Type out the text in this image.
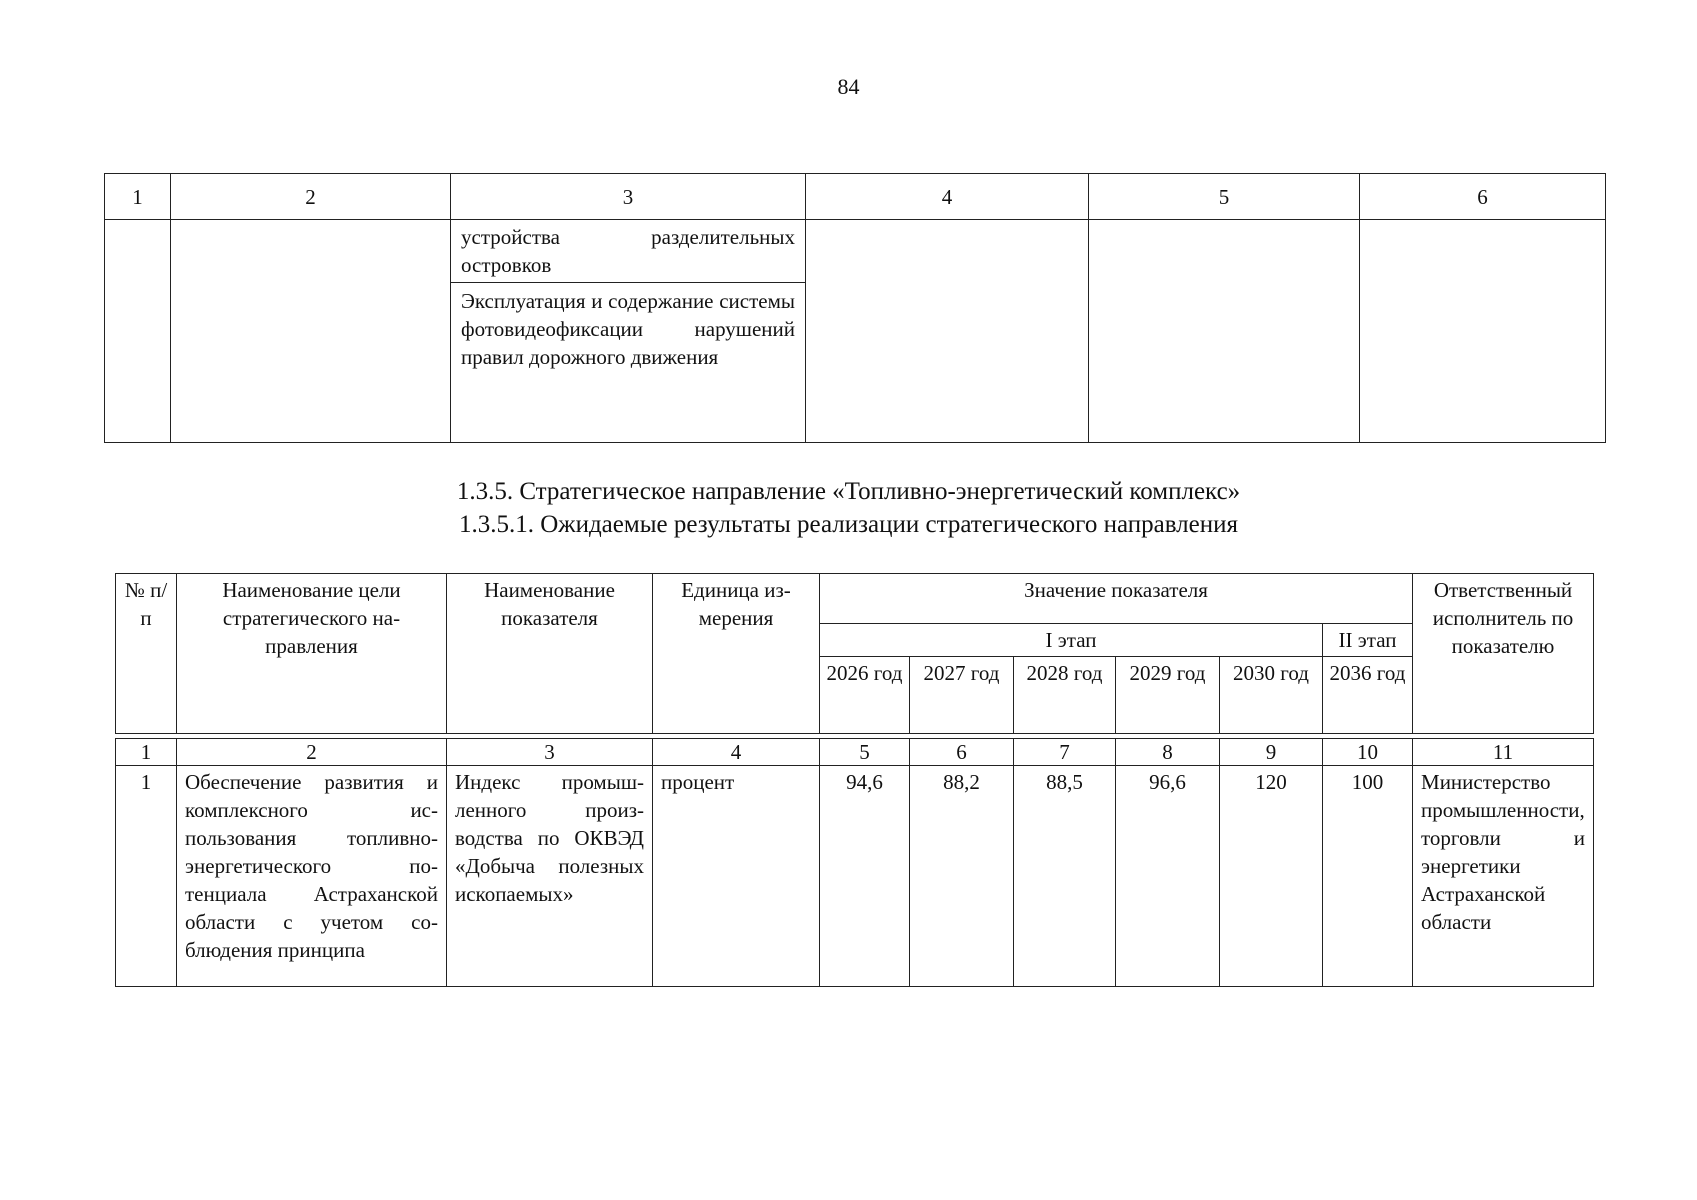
84
1	2	3	4	5	6

		устройства разделительных островков
Эксплуатация и содержание системы фотовидеофиксации нарушений правил дорожного движения			

1.3.5. Стратегическое направление «Топливно-энергетический комплекс»
1.3.5.1. Ожидаемые результаты реализации стратегического направления
№ п/п	Наименование цели стратегического направления	Наименование показателя	Единица измерения	Значение показателя						Ответственный исполнитель по показателю
				I этап					II этап	
				2026 год	2027 год	2028 год	2029 год	2030 год	2036 год	

1	2	3	4	5	6	7	8	9	10	11
1	Обеспечение развития и комплексного использования топливно-энергетического потенциала Астраханской области с учетом соблюдения принципа	Индекс промышленного производства по ОКВЭД «Добыча полезных ископаемых»	процент	94,6	88,2	88,5	96,6	120	100	Министерство промышленности, торговли и энергетики Астраханской области
